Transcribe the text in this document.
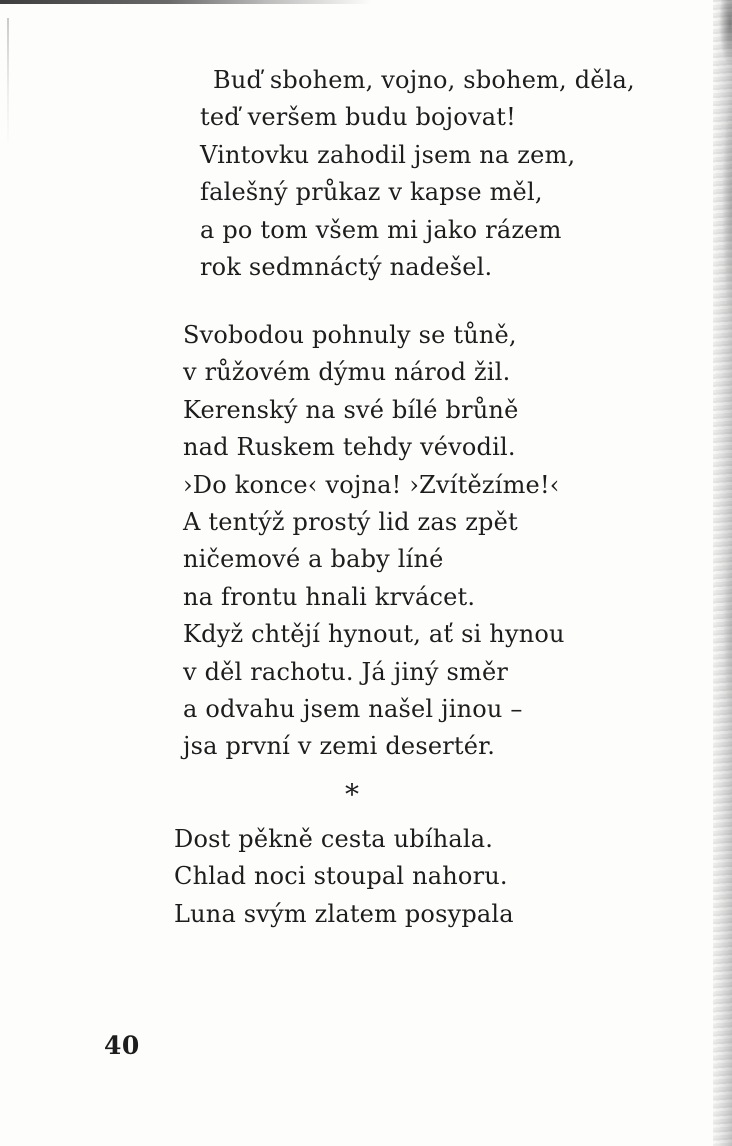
Buď sbohem, vojno, sbohem, děla,

teď veršem budu bojovat!

Vintovku zahodil jsem na zem,

falešný průkaz v kapse měl,

a po tom všem mi jako rázem

rok sedmnáctý nadešel.

Svobodou pohnuly se tůně,

v růžovém dýmu národ žil.

Kerenský na své bílé brůně

nad Ruskem tehdy vévodil.

›Do konce‹ vojna! ›Zvítězíme!‹

A tentýž prostý lid zas zpět

ničemové a baby líné

na frontu hnali krvácet.

Když chtějí hynout, ať si hynou

v děl rachotu. Já jiný směr

a odvahu jsem našel jinou –

jsa první v zemi desertér.

*

Dost pěkně cesta ubíhala.

Chlad noci stoupal nahoru.

Luna svým zlatem posypala

40
